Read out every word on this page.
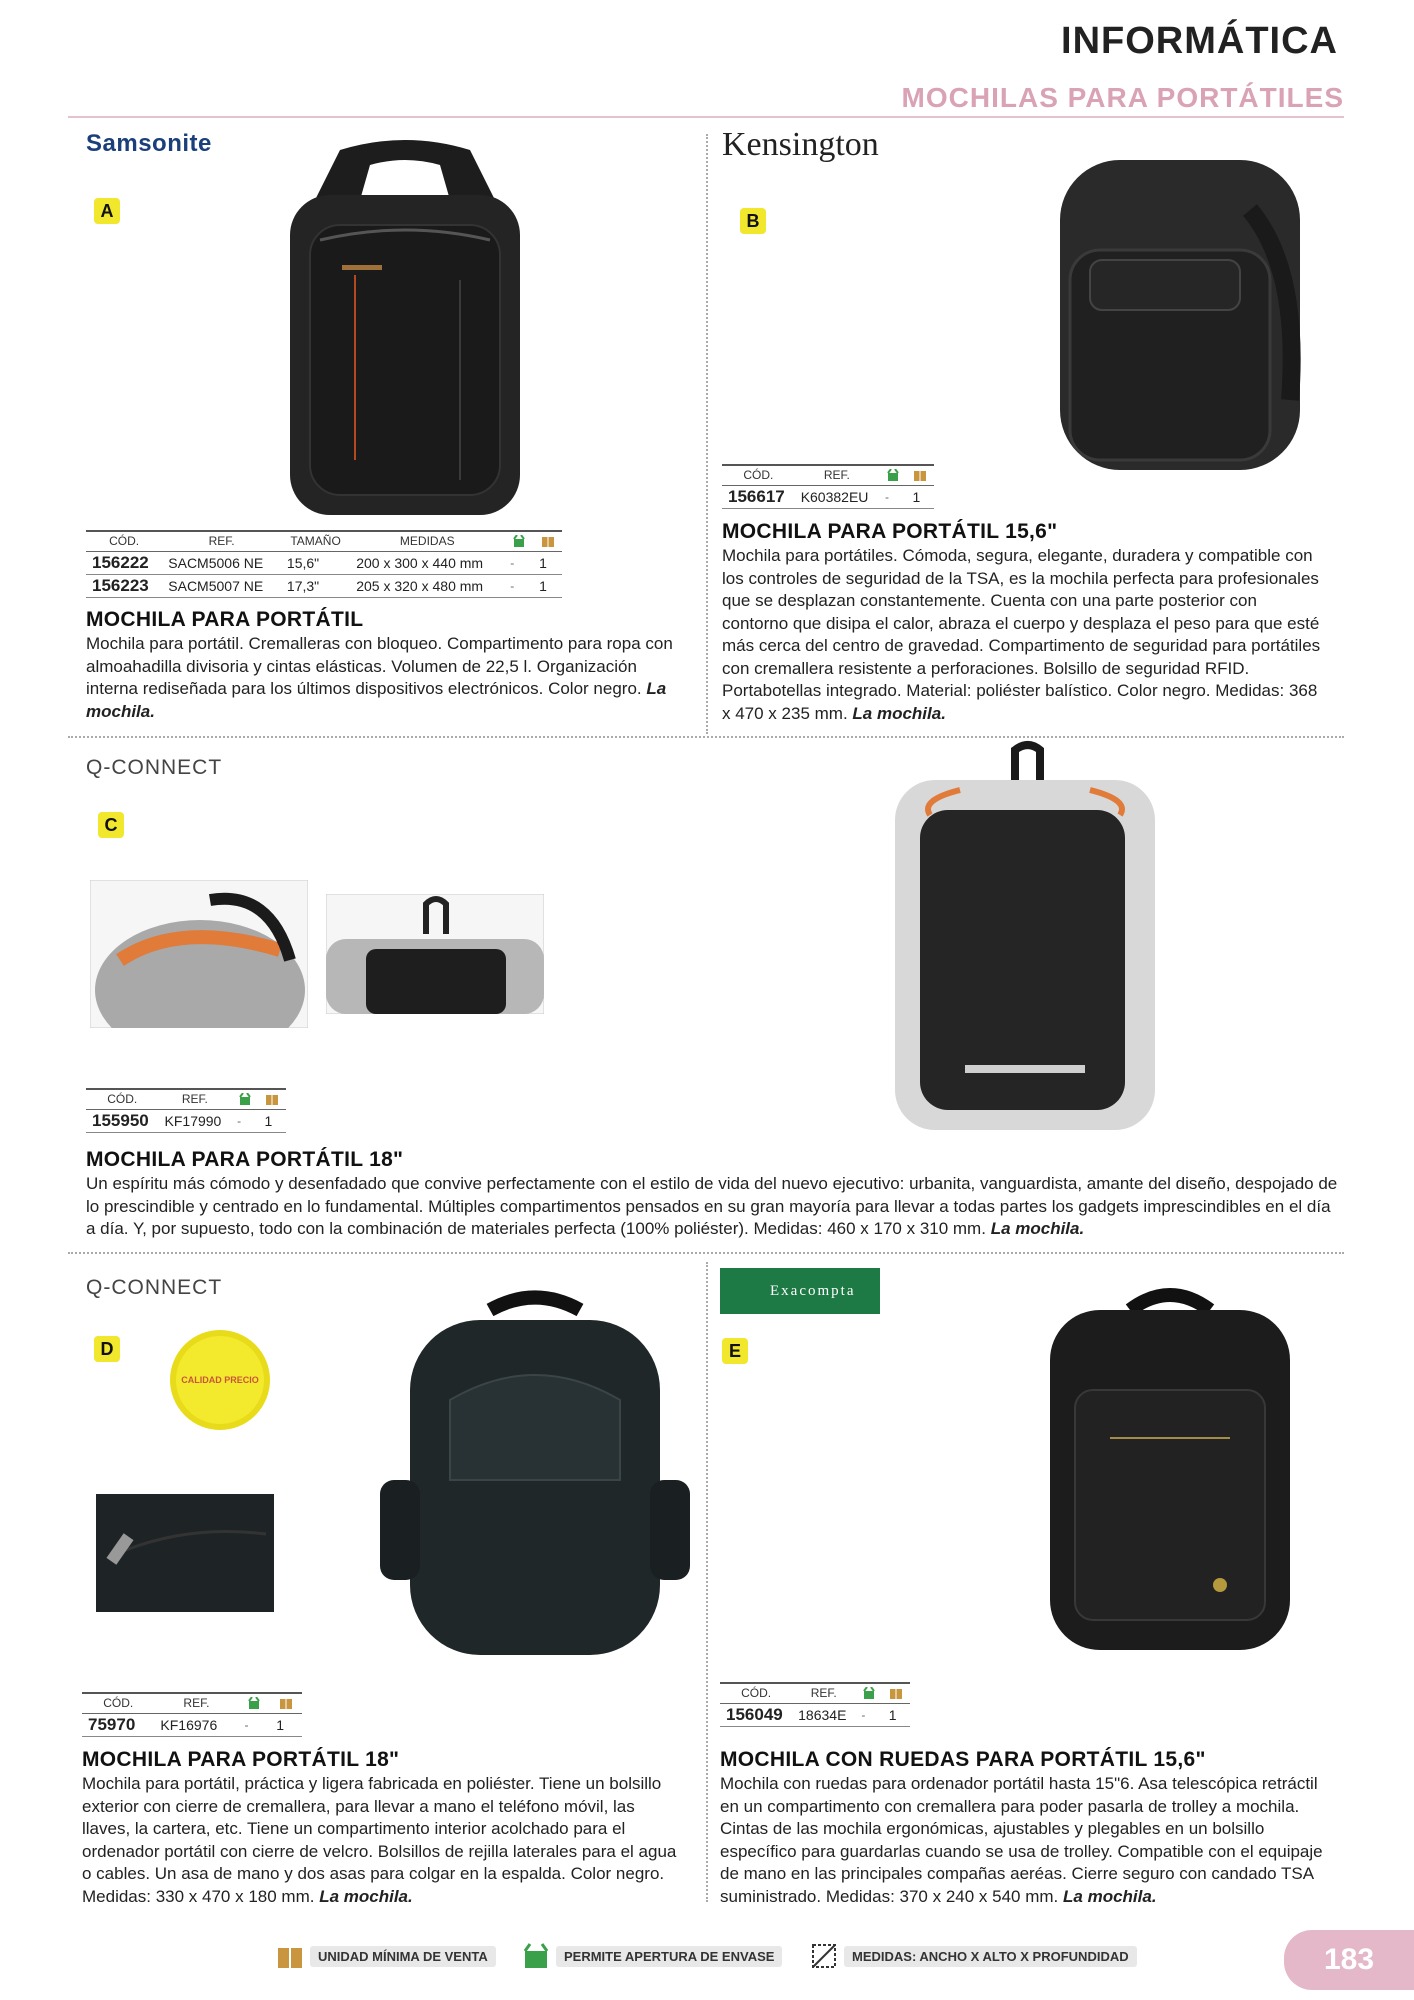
INFORMÁTICA
MOCHILAS PARA PORTÁTILES
Samsonite
A
CÓD.	REF.	TAMAÑO	MEDIDAS		
156222	SACM5006 NE	15,6"	200 x 300 x 440 mm	-	1
156223	SACM5007 NE	17,3"	205 x 320 x 480 mm	-	1
MOCHILA PARA PORTÁTIL
Mochila para portátil. Cremalleras con bloqueo. Compartimento para ropa con almoahadilla divisoria y cintas elásticas. Volumen de 22,5 l. Organización interna rediseñada para los últimos dispositivos electrónicos. Color negro. La mochila.
Kensington
B
CÓD.	REF.		
156617	K60382EU	-	1
MOCHILA PARA PORTÁTIL 15,6"
Mochila para portátiles. Cómoda, segura, elegante, duradera y compatible con los controles de seguridad de la TSA, es la mochila perfecta para profesionales que se desplazan constantemente. Cuenta con una parte posterior con contorno que disipa el calor, abraza el cuerpo y desplaza el peso para que esté más cerca del centro de gravedad. Compartimento de seguridad para portátiles con cremallera resistente a perforaciones. Bolsillo de seguridad RFID. Portabotellas integrado. Material: poliéster balístico. Color negro. Medidas: 368 x 470 x 235 mm. La mochila.
Q-CONNECT
C
CÓD.	REF.		
155950	KF17990	-	1
MOCHILA PARA PORTÁTIL 18"
Un espíritu más cómodo y desenfadado que convive perfectamente con el estilo de vida del nuevo ejecutivo: urbanita, vanguardista, amante del diseño, despojado de lo prescindible y centrado en lo fundamental. Múltiples compartimentos pensados en su gran mayoría para llevar a todas partes los gadgets imprescindibles en el día a día. Y, por supuesto, todo con la combinación de materiales perfecta (100% poliéster). Medidas: 460 x 170 x 310 mm. La mochila.
Q-CONNECT
D
CALIDAD PRECIO
CÓD.	REF.		
75970	KF16976	-	1
MOCHILA PARA PORTÁTIL 18"
Mochila para portátil, práctica y ligera fabricada en poliéster. Tiene un bolsillo exterior con cierre de cremallera, para llevar a mano el teléfono móvil, las llaves, la cartera, etc. Tiene un compartimento interior acolchado para el ordenador portátil con cierre de velcro. Bolsillos de rejilla laterales para el agua o cables. Un asa de mano y dos asas para colgar en la espalda. Color negro. Medidas: 330 x 470 x 180 mm. La mochila.
Exacompta
E
CÓD.	REF.		
156049	18634E	-	1
MOCHILA CON RUEDAS PARA PORTÁTIL 15,6"
Mochila con ruedas para ordenador portátil hasta 15"6. Asa telescópica retráctil en un compartimento con cremallera para poder pasarla de trolley a mochila. Cintas de las mochila ergonómicas, ajustables y plegables en un bolsillo específico para guardarlas cuando se usa de trolley. Compatible con el equipaje de mano en las principales compañas aeréas. Cierre seguro con candado TSA suministrado. Medidas: 370 x 240 x 540 mm. La mochila.
UNIDAD MÍNIMA DE VENTA	PERMITE APERTURA DE ENVASE	MEDIDAS: ANCHO X ALTO X PROFUNDIDAD	183
